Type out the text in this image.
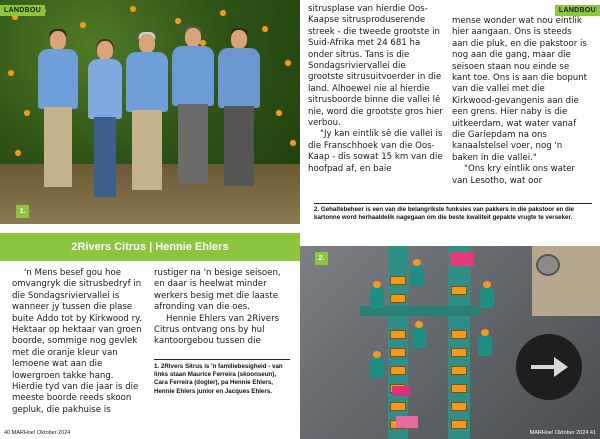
LANDBOU
1.
2Rivers Citrus | Hennie Ehlers

'n Mens besef gou hoe omvangryk die sitrusbedryf in die Sondagsriviervallei is wanneer jy tussen die plase buite Addo tot by Kirkwood ry. Hektaar op hektaar van groen boorde, sommige nog gevlek met die oranje kleur van lemoene wat aan die lowergroen takke hang. Hierdie tyd van die jaar is die meeste boorde reeds skoon gepluk, die pakhuise is

rustiger na 'n besige seisoen, en daar is heelwat minder werkers besig met die laaste afronding van die oes.

Hennie Ehlers van 2Rivers Citrus ontvang ons by hul kantoorgebou tussen die

1. 2Rivers Sitrus is 'n familiebesigheid - van links staan Maurice Ferreira (skoonseun), Cara Ferreira (dogter), pa Hennie Ehlers, Hennie Ehlers junior en Jacques Ehlers.
40 MARHoe! Oktober 2024
LANDBOU

sitrusplase van hierdie Oos-Kaapse sitrusproduserende streek - die tweede grootste in Suid-Afrika met 24 681 ha onder sitrus. Tans is die Sondagsriviervallei die grootste sitrusuitvoerder in die land. Alhoewel nie al hierdie sitrusboorde binne die vallei lê nie, word die grootste gros hier verbou.

"Jy kan eintlik sê die vallei is die Franschhoek van die Oos-Kaap - dis sowat 15 km van die hoofpad af, en baie

mense wonder wat nou eintlik hier aangaan. Ons is steeds aan die pluk, en die pakstoor is nog aan die gang, maar die seisoen staan nou einde se kant toe. Ons is aan die bopunt van die vallei met die Kirkwood-gevangenis aan die een grens. Hier naby is die uitkeerdam, wat water vanaf die Gariepdam na ons kanaalstelsel voer, nog 'n baken in die vallei."

"Ons kry eintlik ons water van Lesotho, wat oor

2. Gehaltebeheer is een van die belangrikste funksies van pakkers in die pakstoor en die kartonne word herhaaldelik nagegaan om die beste kwaliteit gepakte vrugte te verseker.
2.
MARHoe! Oktober 2024 41
